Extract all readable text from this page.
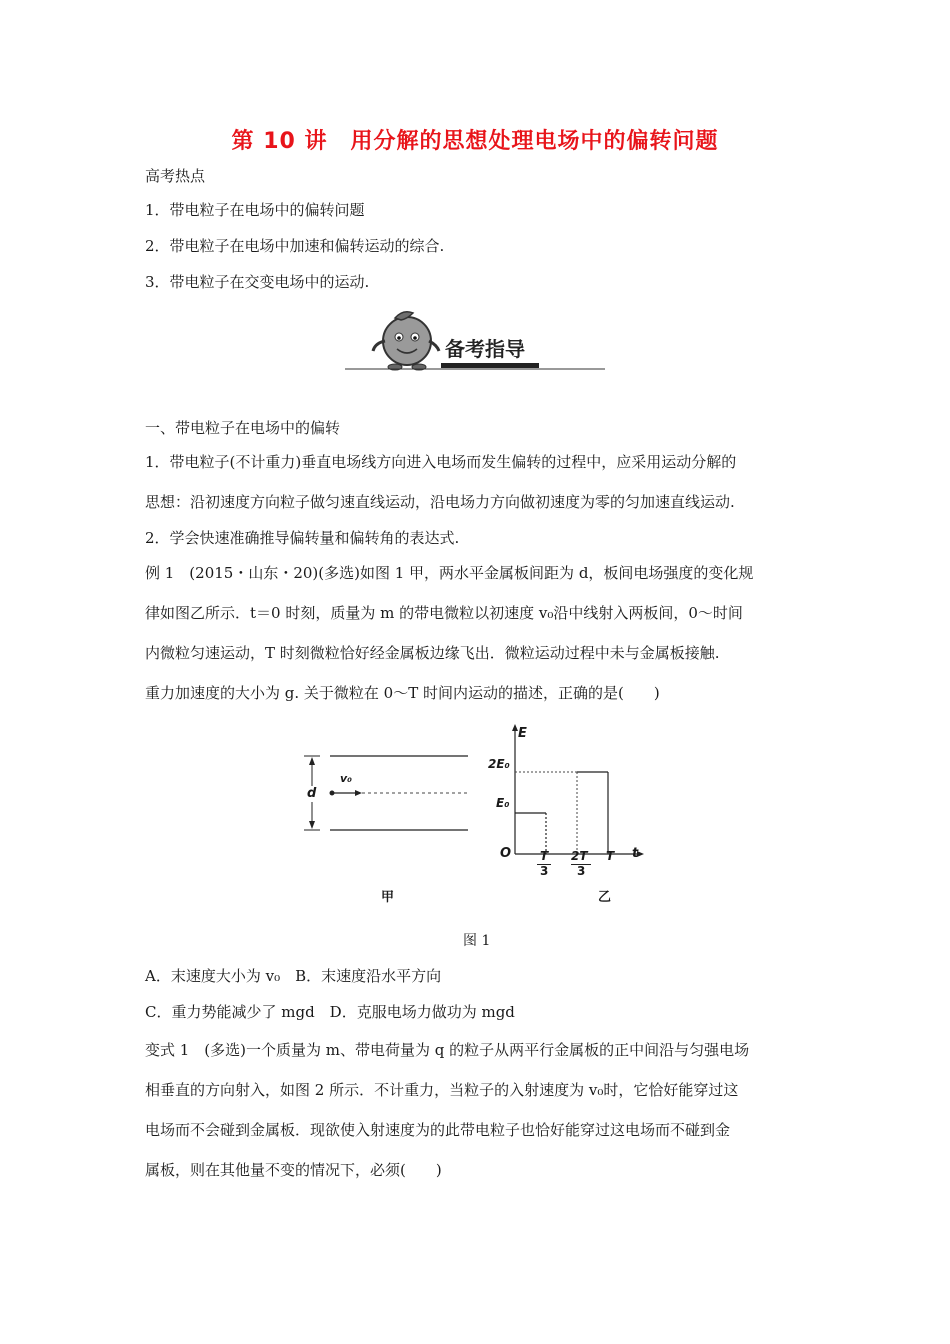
第 10 讲　用分解的思想处理电场中的偏转问题
高考热点
1．带电粒子在电场中的偏转问题
2．带电粒子在电场中加速和偏转运动的综合.
3．带电粒子在交变电场中的运动.
备考指导
一、带电粒子在电场中的偏转
1．带电粒子(不计重力)垂直电场线方向进入电场而发生偏转的过程中，应采用运动分解的
思想：沿初速度方向粒子做匀速直线运动，沿电场力方向做初速度为零的匀加速直线运动.
2．学会快速准确推导偏转量和偏转角的表达式.
例 1　(2015・山东・20)(多选)如图 1 甲，两水平金属板间距为 d，板间电场强度的变化规
律如图乙所示．t＝0 时刻，质量为 m 的带电微粒以初速度 v₀沿中线射入两板间，0～时间
内微粒匀速运动，T 时刻微粒恰好经金属板边缘飞出．微粒运动过程中未与金属板接触.
重力加速度的大小为 g. 关于微粒在 0～T 时间内运动的描述，正确的是(　　)
d
v₀
甲
E
t
O
2E₀
E₀
T
3
2T
3
T
乙
图 1
A．末速度大小为 v₀　B．末速度沿水平方向
C．重力势能减少了 mgd　D．克服电场力做功为 mgd
变式 1　(多选)一个质量为 m、带电荷量为 q 的粒子从两平行金属板的正中间沿与匀强电场
相垂直的方向射入，如图 2 所示．不计重力，当粒子的入射速度为 v₀时，它恰好能穿过这
电场而不会碰到金属板．现欲使入射速度为的此带电粒子也恰好能穿过这电场而不碰到金
属板，则在其他量不变的情况下，必须(　　)
